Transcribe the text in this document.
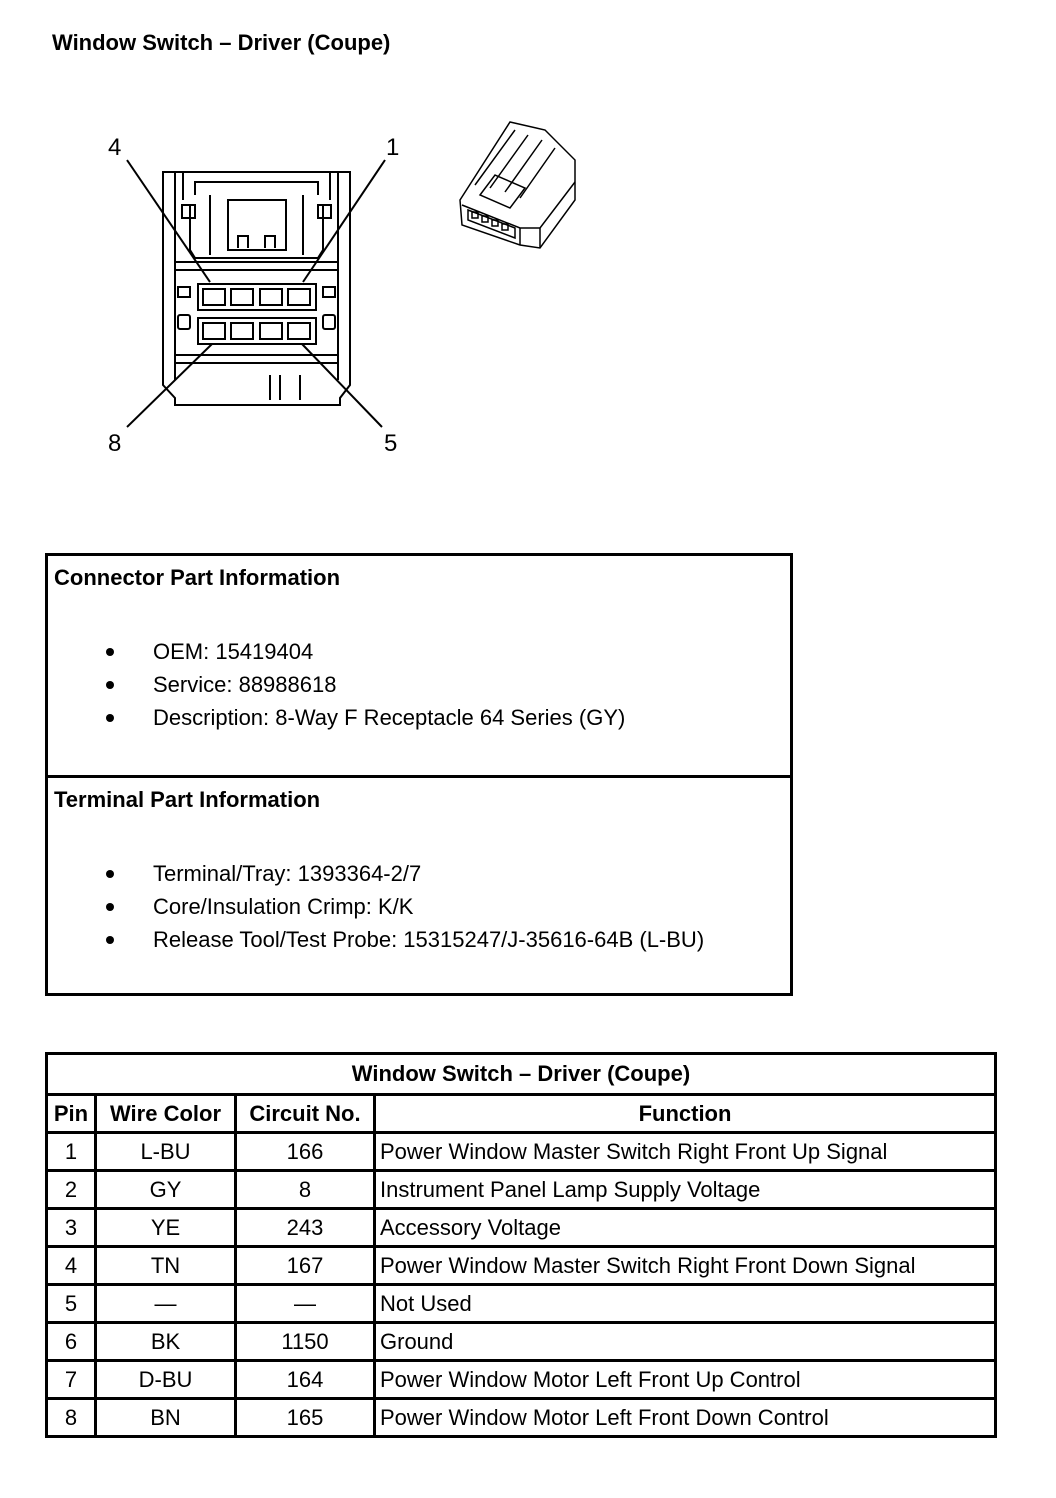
Window Switch – Driver (Coupe)
4	1
8	5
Connector Part Information
OEM: 15419404
Service: 88988618
Description: 8-Way F Receptacle 64 Series (GY)
Terminal Part Information
Terminal/Tray: 1393364-2/7
Core/Insulation Crimp: K/K
Release Tool/Test Probe: 15315247/J-35616-64B (L-BU)
Window Switch – Driver (Coupe)			
Pin	Wire Color	Circuit No.	Function
1	L-BU	166	Power Window Master Switch Right Front Up Signal
2	GY	8	Instrument Panel Lamp Supply Voltage
3	YE	243	Accessory Voltage
4	TN	167	Power Window Master Switch Right Front Down Signal
5	—	—	Not Used
6	BK	1150	Ground
7	D-BU	164	Power Window Motor Left Front Up Control
8	BN	165	Power Window Motor Left Front Down Control
